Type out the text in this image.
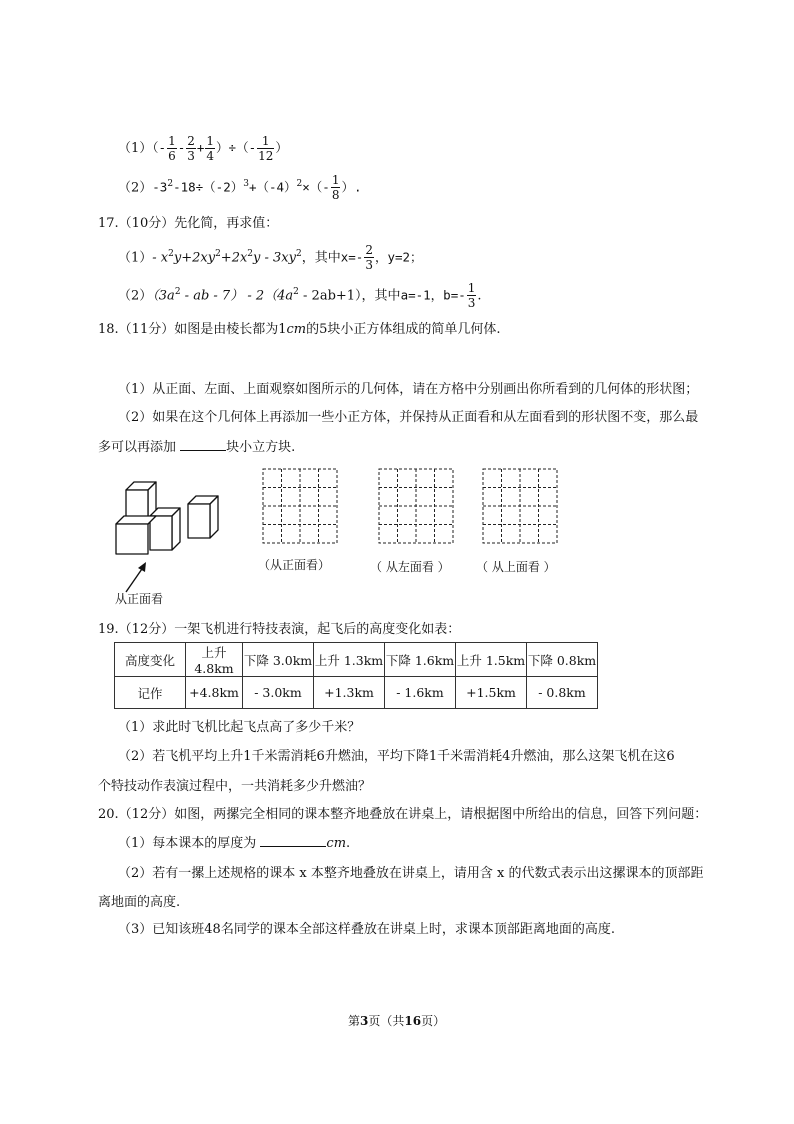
$(1)(- \frac{1}{6} - \frac{2}{3} + \frac{1}{4}$ ）÷（- $\frac{1}{12}$ ）
$(2)-3^2-18\div(-2)^3+(-4)^2\times(- \frac{1}{8}$ ）.
17.（10分）先化简，再求值：
（1）- $x^2y+2xy^2+2x^2y - 3xy^2$，其中$x=- \frac{2}{3}$ ，y=2；
$(2)(3a^2$ - ab - $7) - 2(4a^2 - 2ab+1)$，其中a=-1，$b=- \frac{1}{3}$ .
18.（11分）如图是由棱长都为1cm的5块小正方体组成的简单几何体.
（1）从正面、左面、上面观察如图所示的几何体，请在方格中分别画出你所看到的几何体的形状图；
（2）如果在这个几何体上再添加一些小正方体，并保持从正面看和从左面看到的形状图不变，那么最
多可以再添加	块小立方块.
从正面看
（从正面看）	（ 从左面看 ） （ 从上面看 ）
19.（12分）一架飞机进行特技表演，起飞后的高度变化如表：
高度变化	上升 4.8km	下降 3.0km	上升 1.3km	下降 1.6km	上升 1.5km	下降 0.8km
记作	+4.8km	- 3.0km	+1.3km	- 1.6km	+1.5km	- 0.8km
（1）求此时飞机比起飞点高了多少千米？
（2）若飞机平均上升1千米需消耗6升燃油，平均下降1千米需消耗4升燃油，那么这架飞机在这6
个特技动作表演过程中，一共消耗多少升燃油？
20.（12分）如图，两摞完全相同的课本整齐地叠放在讲桌上，请根据图中所给出的信息，回答下列问题：
（1）每本课本的厚度为	cm.
（2）若有一摞上述规格的课本 x 本整齐地叠放在讲桌上，请用含 x 的代数式表示出这摞课本的顶部距
离地面的高度.
（3）已知该班48名同学的课本全部这样叠放在讲桌上时，求课本顶部距离地面的高度.
第3页（共16页）
